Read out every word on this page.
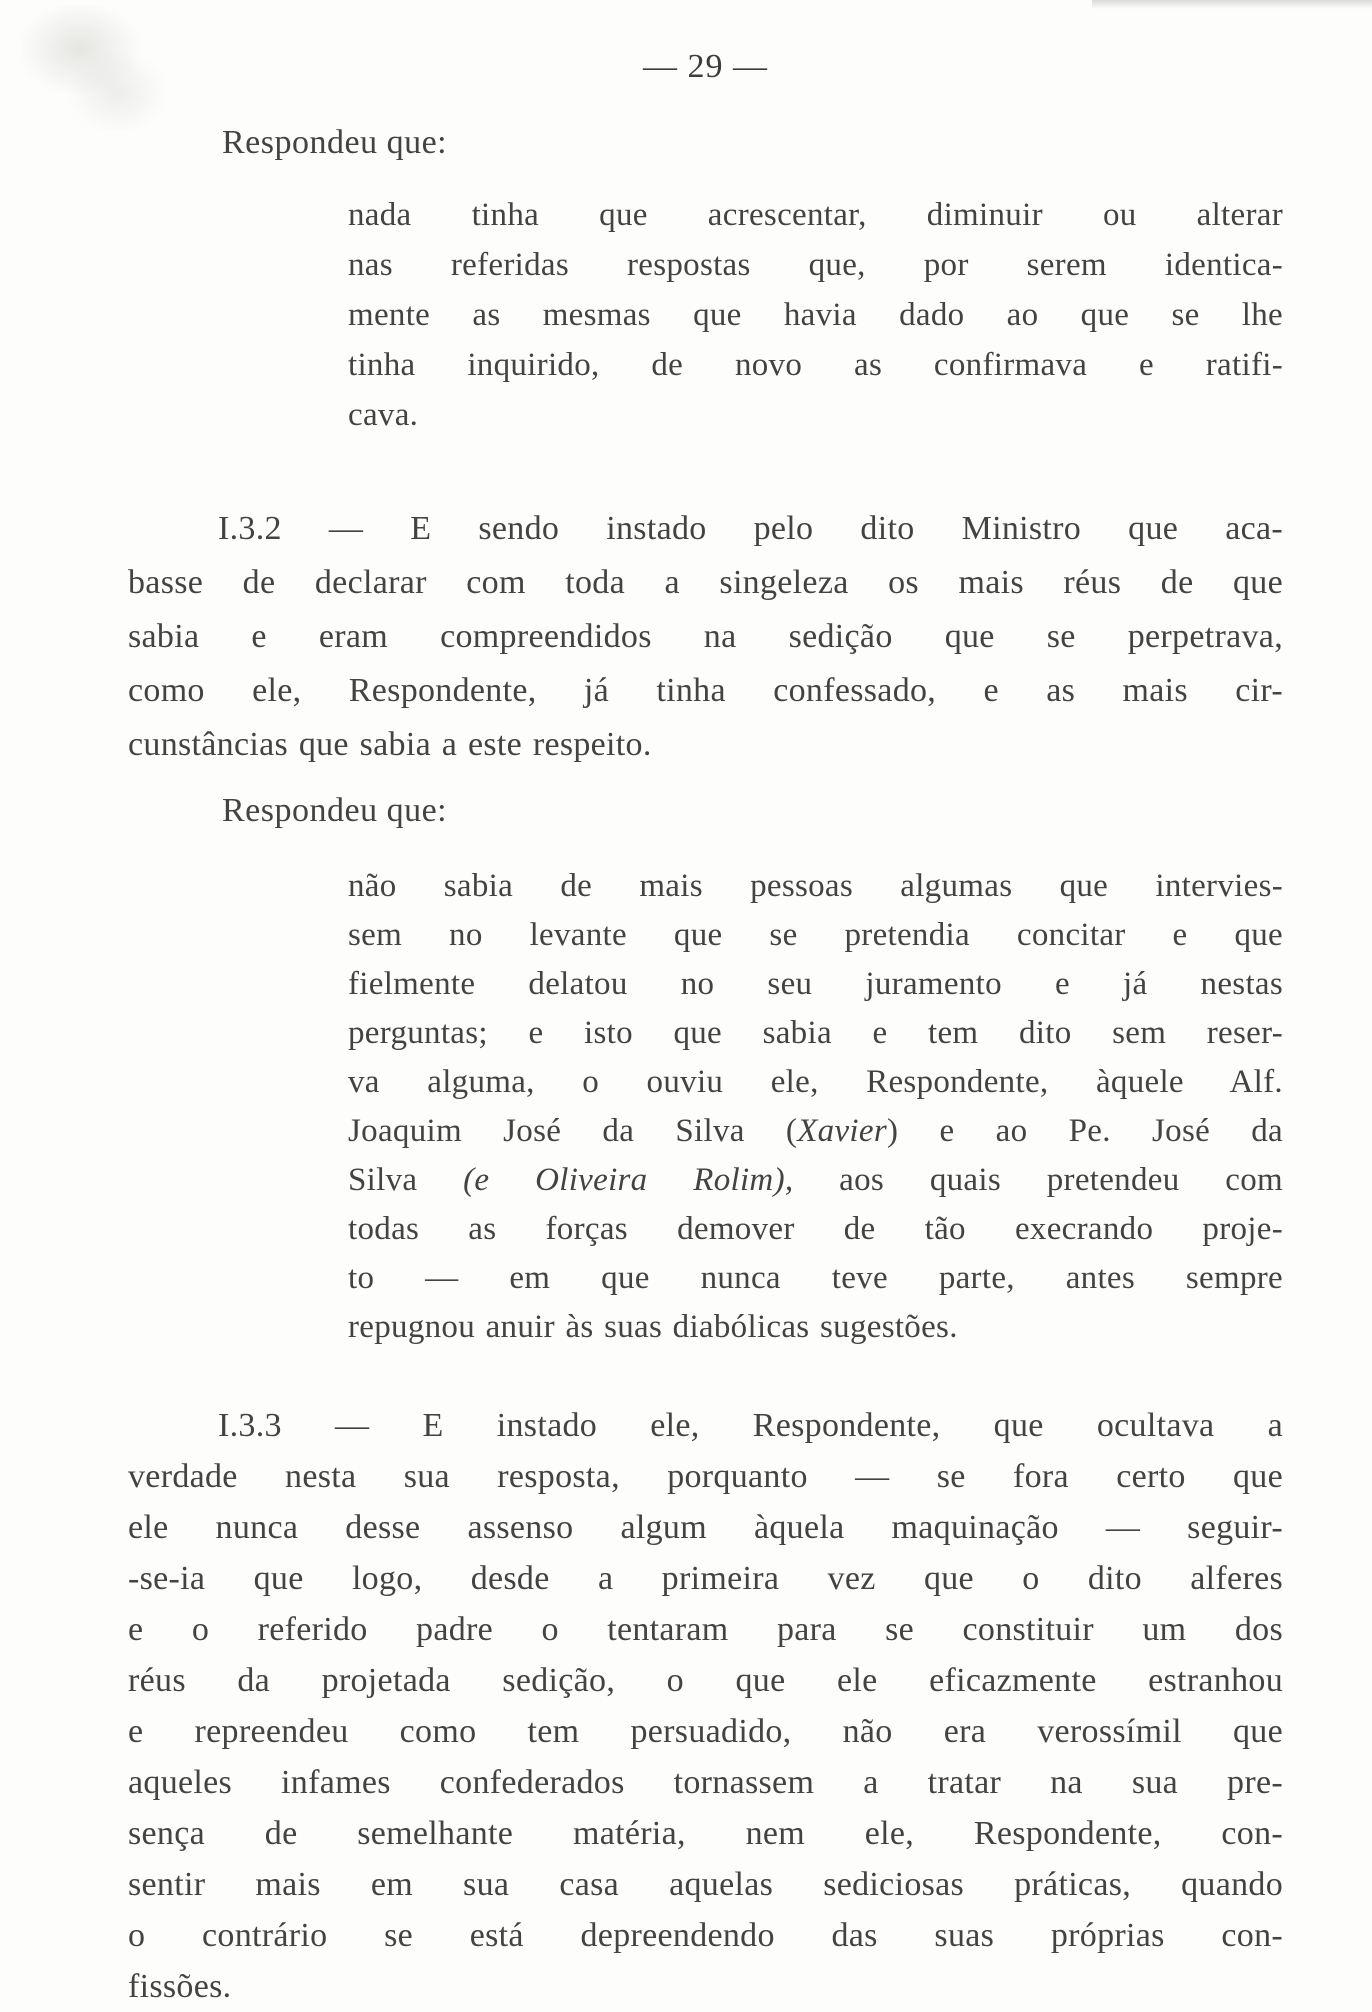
— 29 —
Respondeu que:
nada tinha que acrescentar, diminuir ou alterar
nas referidas respostas que, por serem identica-
mente as mesmas que havia dado ao que se lhe
tinha inquirido, de novo as confirmava e ratifi-
cava.
I.3.2 — E sendo instado pelo dito Ministro que aca-
basse de declarar com toda a singeleza os mais réus de que
sabia e eram compreendidos na sedição que se perpetrava,
como ele, Respondente, já tinha confessado, e as mais cir-
cunstâncias que sabia a este respeito.
Respondeu que:
não sabia de mais pessoas algumas que intervies-
sem no levante que se pretendia concitar e que
fielmente delatou no seu juramento e já nestas
perguntas; e isto que sabia e tem dito sem reser-
va alguma, o ouviu ele, Respondente, àquele Alf.
Joaquim José da Silva (Xavier) e ao Pe. José da
Silva (e Oliveira Rolim), aos quais pretendeu com
todas as forças demover de tão execrando proje-
to — em que nunca teve parte, antes sempre
repugnou anuir às suas diabólicas sugestões.
I.3.3 — E instado ele, Respondente, que ocultava a
verdade nesta sua resposta, porquanto — se fora certo que
ele nunca desse assenso algum àquela maquinação — seguir-
-se-ia que logo, desde a primeira vez que o dito alferes
e o referido padre o tentaram para se constituir um dos
réus da projetada sedição, o que ele eficazmente estranhou
e repreendeu como tem persuadido, não era verossímil que
aqueles infames confederados tornassem a tratar na sua pre-
sença de semelhante matéria, nem ele, Respondente, con-
sentir mais em sua casa aquelas sediciosas práticas, quando
o contrário se está depreendendo das suas próprias con-
fissões.
